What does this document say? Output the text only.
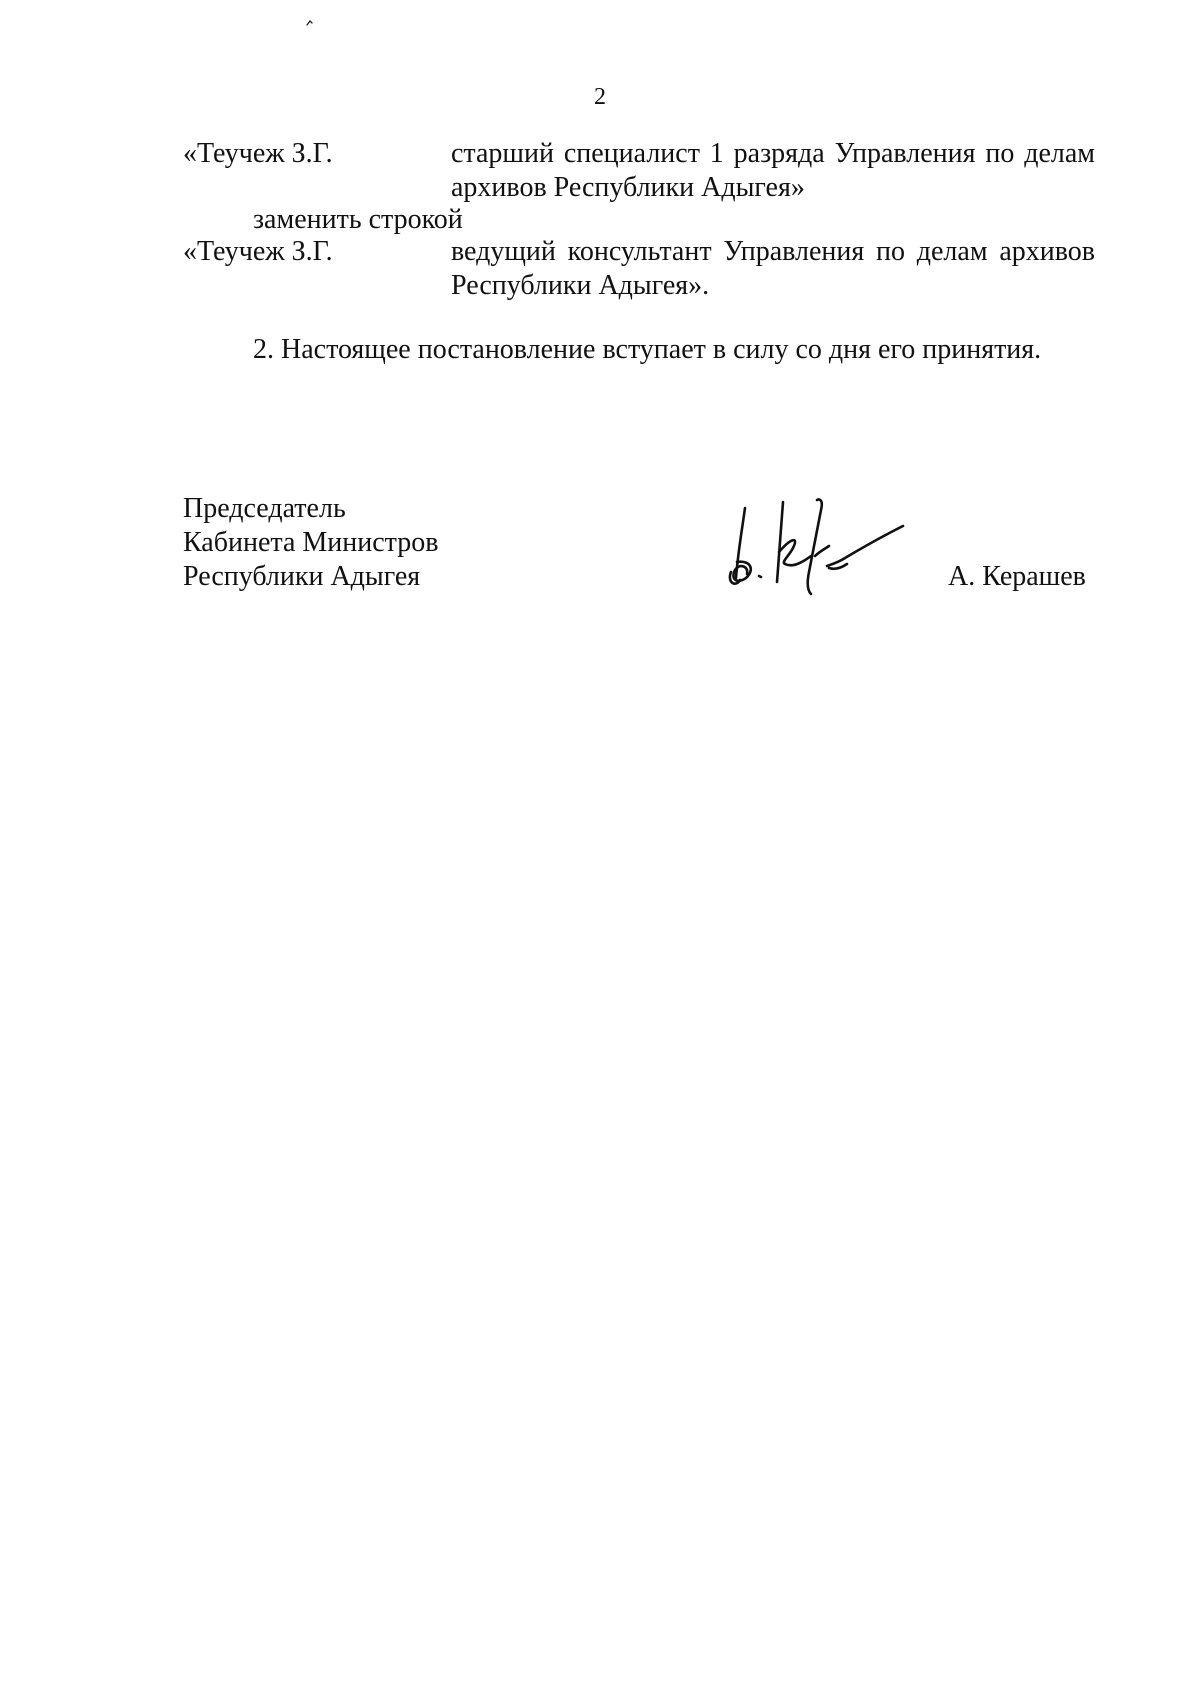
2
«Теучеж З.Г.	старший специалист 1 разряда Управления по делам архивов Республики Адыгея»
заменить строкой
«Теучеж З.Г.	ведущий консультант Управления по делам архивов Республики Адыгея».
2. Настоящее постановление вступает в силу со дня его принятия.
Председатель
Кабинета Министров
Республики Адыгея	А. Керашев
